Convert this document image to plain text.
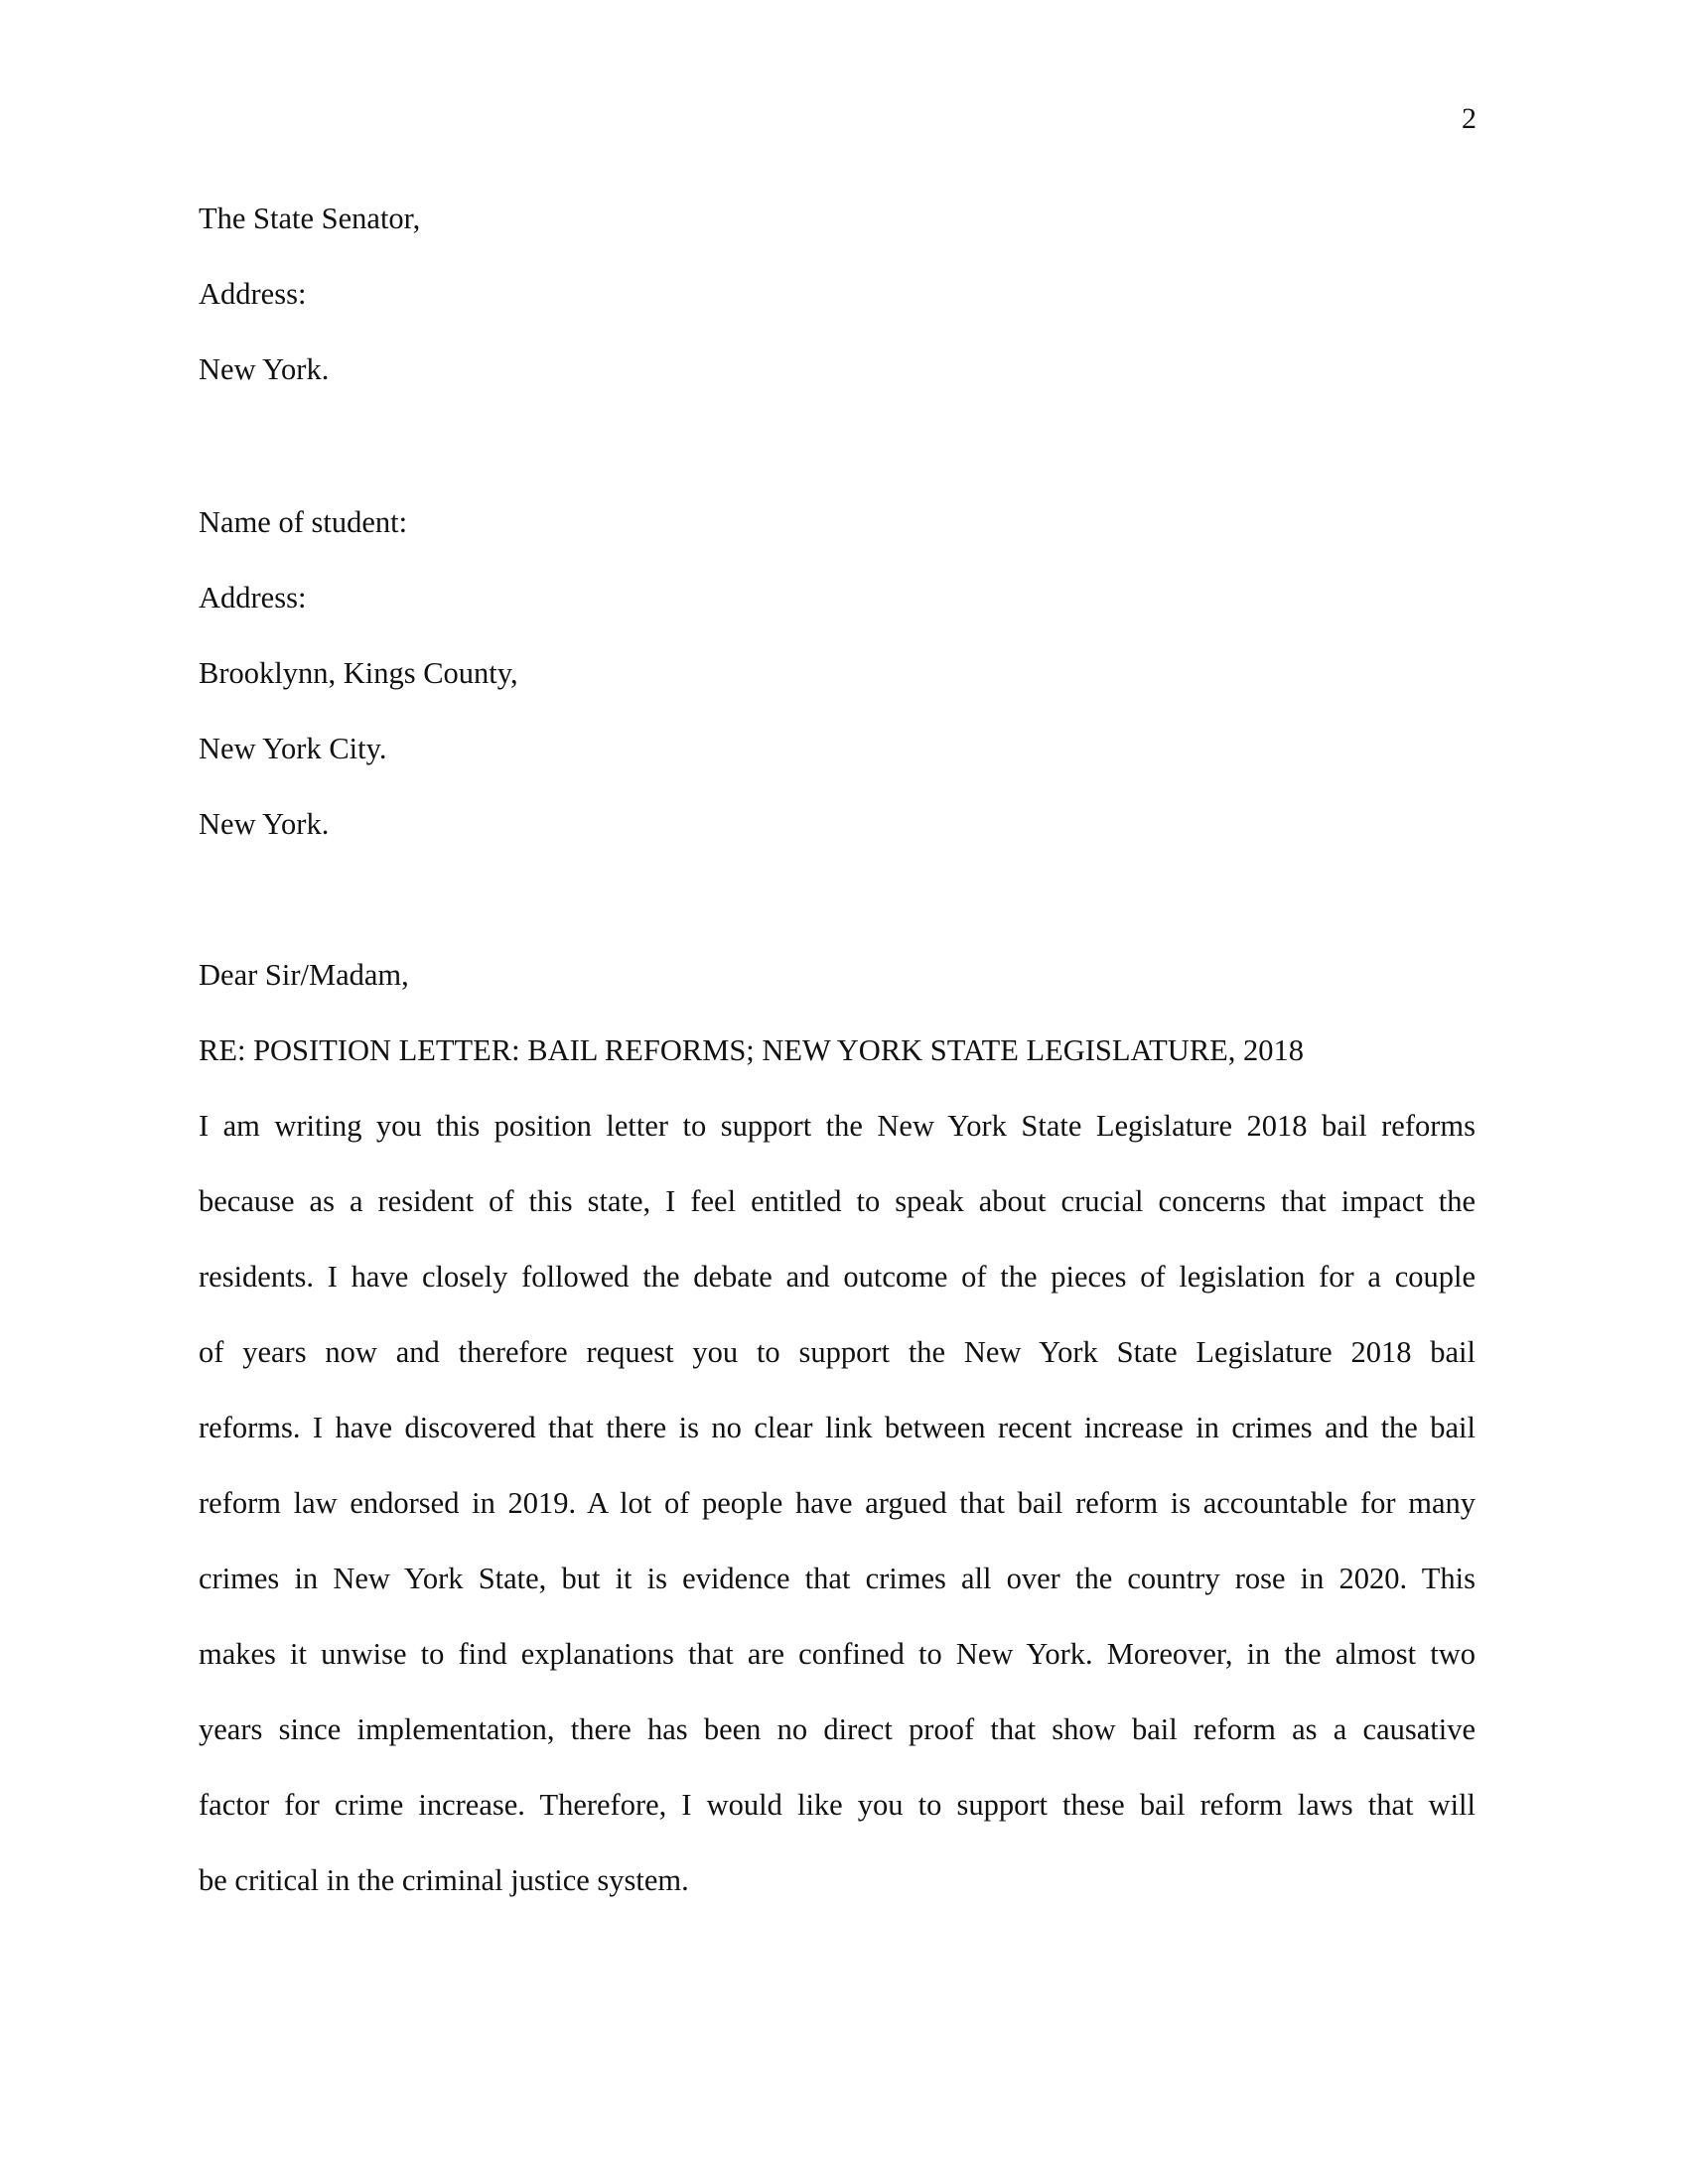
2
The State Senator,
Address:
New York.
Name of student:
Address:
Brooklynn, Kings County,
New York City.
New York.
Dear Sir/Madam,
RE: POSITION LETTER: BAIL REFORMS; NEW YORK STATE LEGISLATURE, 2018
I am writing you this position letter to support the New York State Legislature 2018 bail reforms
because as a resident of this state, I feel entitled to speak about crucial concerns that impact the
residents. I have closely followed the debate and outcome of the pieces of legislation for a couple
of years now and therefore request you to support the New York State Legislature 2018 bail
reforms. I have discovered that there is no clear link between recent increase in crimes and the bail
reform law endorsed in 2019. A lot of people have argued that bail reform is accountable for many
crimes in New York State, but it is evidence that crimes all over the country rose in 2020. This
makes it unwise to find explanations that are confined to New York. Moreover, in the almost two
years since implementation, there has been no direct proof that show bail reform as a causative
factor for crime increase. Therefore, I would like you to support these bail reform laws that will
be critical in the criminal justice system.
